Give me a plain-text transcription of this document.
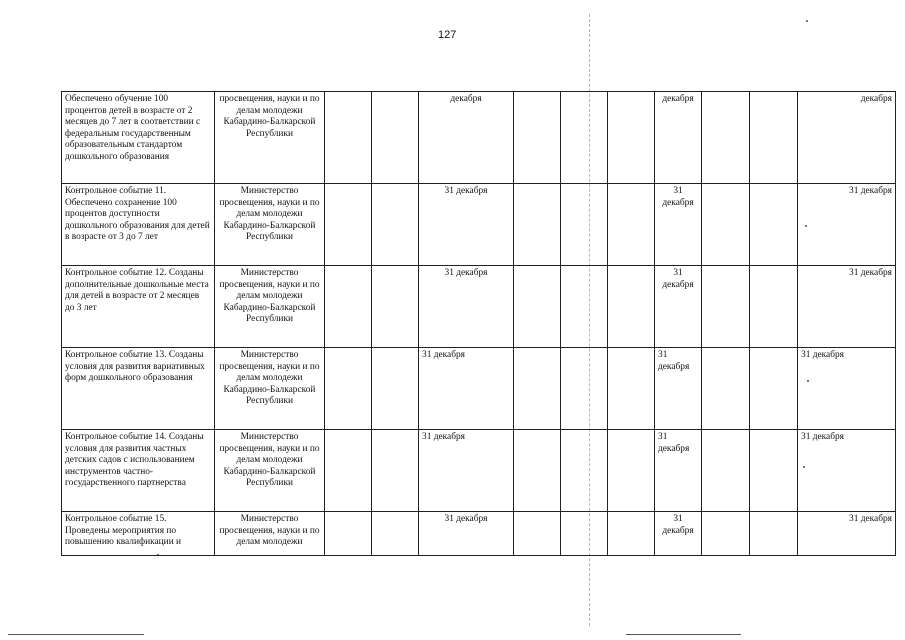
127
Обеспечено обучение 100 процентов детей в возрасте от 2 месяцев до 7 лет в соответствии с федеральным государственным образовательным стандартом дошкольного образования	просвещения, науки и по делам молодежи Кабардино-Балкарской Республики			декабря				декабря			декабря
Контрольное событие 11. Обеспечено сохранение 100 процентов доступности дошкольного образования для детей в возрасте от 3 до 7 лет	Министерство просвещения, науки и по делам молодежи Кабардино-Балкарской Республики			31 декабря				31 декабря			31 декабря
Контрольное событие 12. Созданы дополнительные дошкольные места для детей в возрасте от 2 месяцев до 3 лет	Министерство просвещения, науки и по делам молодежи Кабардино-Балкарской Республики			31 декабря				31 декабря			31 декабря
Контрольное событие 13. Созданы условия для развития вариативных форм дошкольного образования	Министерство просвещения, науки и по делам молодежи Кабардино-Балкарской Республики			31 декабря				31 декабря			31 декабря
Контрольное событие 14. Созданы условия для развития частных детских садов с использованием инструментов частно-государственного партнерства	Министерство просвещения, науки и по делам молодежи Кабардино-Балкарской Республики			31 декабря				31 декабря			31 декабря
Контрольное событие 15. Проведены мероприятия по повышению квалификации и	Министерство просвещения, науки и по делам молодежи			31 декабря				31 декабря			31 декабря
